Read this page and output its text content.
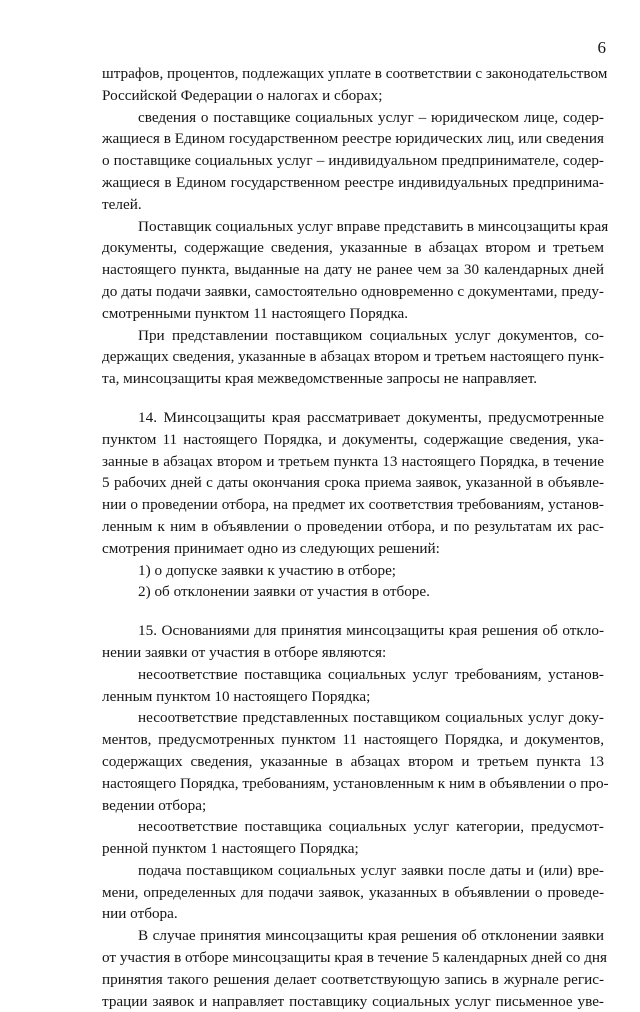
6
штрафов, процентов, подлежащих уплате в соответствии с законодательством
Российской Федерации о налогах и сборах;
сведения о поставщике социальных услуг – юридическом лице, содер-
жащиеся в Едином государственном реестре юридических лиц, или сведения
о поставщике социальных услуг – индивидуальном предпринимателе, содер-
жащиеся в Едином государственном реестре индивидуальных предпринима-
телей.
Поставщик социальных услуг вправе представить в минсоцзащиты края
документы, содержащие сведения, указанные в абзацах втором и третьем
настоящего пункта, выданные на дату не ранее чем за 30 календарных дней
до даты подачи заявки, самостоятельно одновременно с документами, преду-
смотренными пунктом 11 настоящего Порядка.
При представлении поставщиком социальных услуг документов, со-
держащих сведения, указанные в абзацах втором и третьем настоящего пунк-
та, минсоцзащиты края межведомственные запросы не направляет.
14. Минсоцзащиты края рассматривает документы, предусмотренные
пунктом 11 настоящего Порядка, и документы, содержащие сведения, ука-
занные в абзацах втором и третьем пункта 13 настоящего Порядка, в течение
5 рабочих дней с даты окончания срока приема заявок, указанной в объявле-
нии о проведении отбора, на предмет их соответствия требованиям, установ-
ленным к ним в объявлении о проведении отбора, и по результатам их рас-
смотрения принимает одно из следующих решений:
1) о допуске заявки к участию в отборе;
2) об отклонении заявки от участия в отборе.
15. Основаниями для принятия минсоцзащиты края решения об откло-
нении заявки от участия в отборе являются:
несоответствие поставщика социальных услуг требованиям, установ-
ленным пунктом 10 настоящего Порядка;
несоответствие представленных поставщиком социальных услуг доку-
ментов, предусмотренных пунктом 11 настоящего Порядка, и документов,
содержащих сведения, указанные в абзацах втором и третьем пункта 13
настоящего Порядка, требованиям, установленным к ним в объявлении о про-
ведении отбора;
несоответствие поставщика социальных услуг категории, предусмот-
ренной пунктом 1 настоящего Порядка;
подача поставщиком социальных услуг заявки после даты и (или) вре-
мени, определенных для подачи заявок, указанных в объявлении о проведе-
нии отбора.
В случае принятия минсоцзащиты края решения об отклонении заявки
от участия в отборе минсоцзащиты края в течение 5 календарных дней со дня
принятия такого решения делает соответствующую запись в журнале регис-
трации заявок и направляет поставщику социальных услуг письменное уве-
